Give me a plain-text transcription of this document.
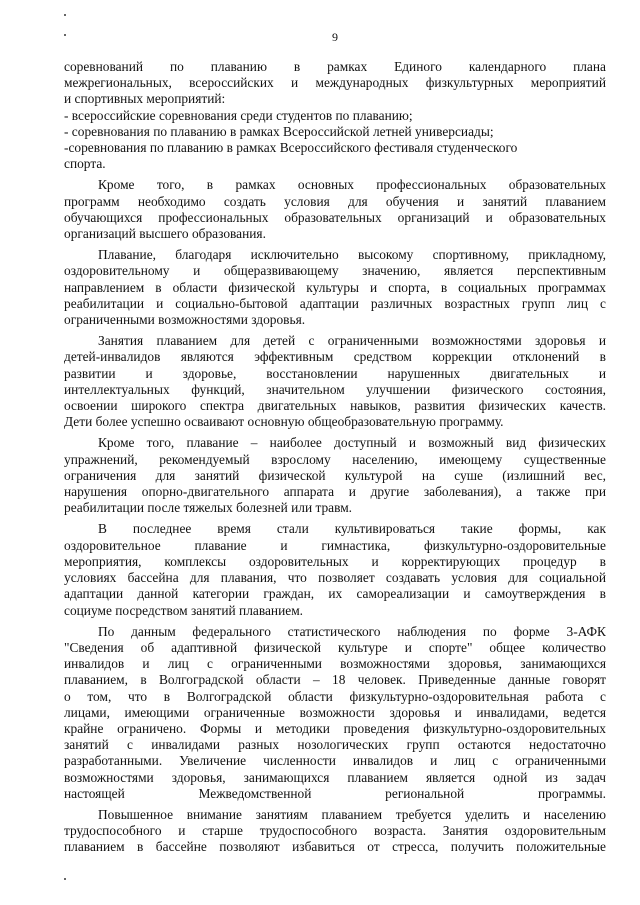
9
соревнований по плаванию в рамках Единого календарного плана
межрегиональных, всероссийских и международных физкультурных мероприятий
и спортивных мероприятий:
- всероссийские соревнования среди студентов по плаванию;
- соревнования по плаванию в рамках Всероссийской летней универсиады;
-соревнования по плаванию в рамках Всероссийского фестиваля студенческого
спорта.
Кроме того, в рамках основных профессиональных образовательных
программ необходимо создать условия для обучения и занятий плаванием
обучающихся профессиональных образовательных организаций и образовательных
организаций высшего образования.
Плавание, благодаря исключительно высокому спортивному, прикладному,
оздоровительному и общеразвивающему значению, является перспективным
направлением в области физической культуры и спорта, в социальных программах
реабилитации и социально-бытовой адаптации различных возрастных групп лиц с
ограниченными возможностями здоровья.
Занятия плаванием для детей с ограниченными возможностями здоровья и
детей-инвалидов являются эффективным средством коррекции отклонений в
развитии и здоровье, восстановлении нарушенных двигательных и
интеллектуальных функций, значительном улучшении физического состояния,
освоении широкого спектра двигательных навыков, развития физических качеств.
Дети более успешно осваивают основную общеобразовательную программу.
Кроме того, плавание – наиболее доступный и возможный вид физических
упражнений, рекомендуемый взрослому населению, имеющему существенные
ограничения для занятий физической культурой на суше (излишний вес,
нарушения опорно-двигательного аппарата и другие заболевания), а также при
реабилитации после тяжелых болезней или травм.
В последнее время стали культивироваться такие формы, как
оздоровительное плавание и гимнастика, физкультурно-оздоровительные
мероприятия, комплексы оздоровительных и корректирующих процедур в
условиях бассейна для плавания, что позволяет создавать условия для социальной
адаптации данной категории граждан, их самореализации и самоутверждения в
социуме посредством занятий плаванием.
По данным федерального статистического наблюдения по форме 3-АФК
"Сведения об адаптивной физической культуре и спорте" общее количество
инвалидов и лиц с ограниченными возможностями здоровья, занимающихся
плаванием, в Волгоградской области – 18 человек. Приведенные данные говорят
о том, что в Волгоградской области физкультурно-оздоровительная работа с
лицами, имеющими ограниченные возможности здоровья и инвалидами, ведется
крайне ограничено. Формы и методики проведения физкультурно-оздоровительных
занятий с инвалидами разных нозологических групп остаются недостаточно
разработанными. Увеличение численности инвалидов и лиц с ограниченными
возможностями здоровья, занимающихся плаванием является одной из задач
настоящей Межведомственной региональной программы.
Повышенное внимание занятиям плаванием требуется уделить и населению
трудоспособного и старше трудоспособного возраста. Занятия оздоровительным
плаванием в бассейне позволяют избавиться от стресса, получить положительные
